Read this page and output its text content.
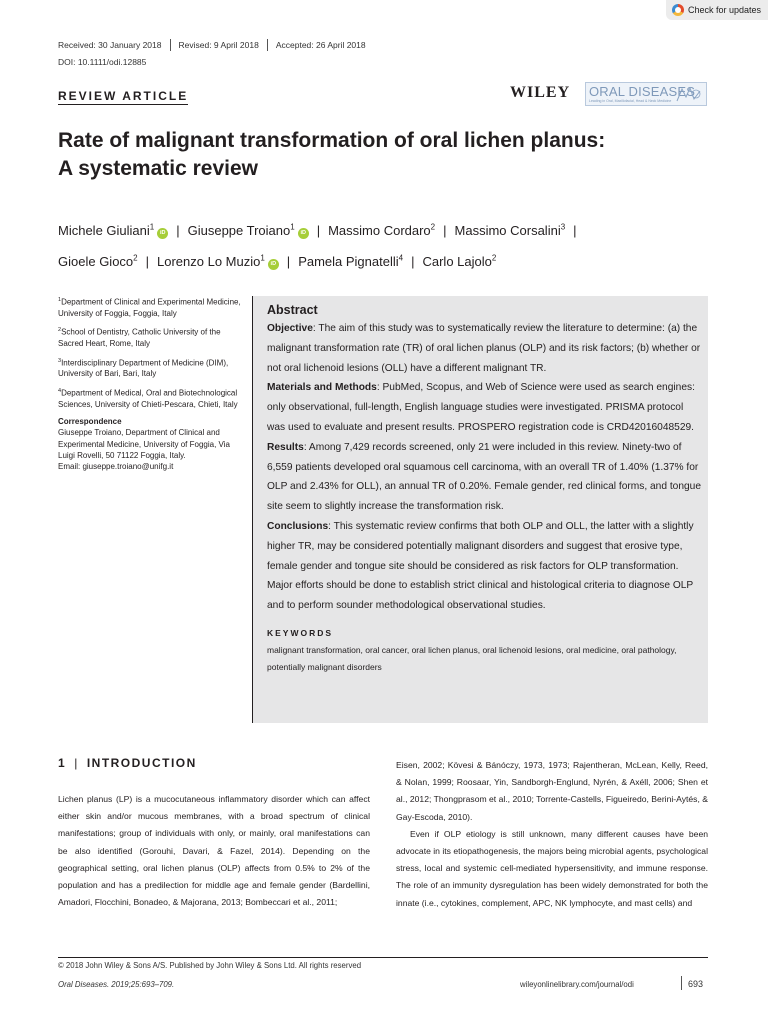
Check for updates
Received: 30 January 2018	Revised: 9 April 2018	Accepted: 26 April 2018
DOI: 10.1111/odi.12885
REVIEW ARTICLE	WILEY ORAL DISEASES
Leading in Oral, Maxillofacial, Head & Neck Medicine
Rate of malignant transformation of oral lichen planus:
A systematic review
Michele Giuliani$^1$iD | Giuseppe Troiano$^1$iD | Massimo Cordaro$^2$ | Massimo Corsalini$^3$ |
Gioele Gioco$^2$ | Lorenzo Lo Muzio$^1$iD | Pamela Pignatelli$^4$ | Carlo Lajolo$^2$

$^1$Department of Clinical and Experimental Medicine, University of Foggia, Foggia, Italy

$^2$School of Dentistry, Catholic University of the Sacred Heart, Rome, Italy

$^3$Interdisciplinary Department of Medicine (DIM), University of Bari, Bari, Italy

$^4$Department of Medical, Oral and Biotechnological Sciences, University of Chieti-Pescara, Chieti, Italy

Correspondence
Giuseppe Troiano, Department of Clinical and Experimental Medicine, University of Foggia, Via Luigi Rovelli, 50 71122 Foggia, Italy.
Email: giuseppe.troiano@unifg.it
Abstract

Objective: The aim of this study was to systematically review the literature to determine: (a) the malignant transformation rate (TR) of oral lichen planus (OLP) and its risk factors; (b) whether or not oral lichenoid lesions (OLL) have a different malignant TR.

Materials and Methods: PubMed, Scopus, and Web of Science were used as search engines: only observational, full-length, English language studies were investigated. PRISMA protocol was used to evaluate and present results. PROSPERO registration code is CRD42016048529.

Results: Among 7,429 records screened, only 21 were included in this review. Ninety-two of 6,559 patients developed oral squamous cell carcinoma, with an overall TR of 1.40% (1.37% for OLP and 2.43% for OLL), an annual TR of 0.20%. Female gender, red clinical forms, and tongue site seem to slightly increase the transformation risk.

Conclusions: This systematic review confirms that both OLP and OLL, the latter with a slightly higher TR, may be considered potentially malignant disorders and suggest that erosive type, female gender and tongue site should be considered as risk factors for OLP transformation. Major efforts should be done to establish strict clinical and histological criteria to diagnose OLP and to perform sounder methodological observational studies.

KEYWORDS
malignant transformation, oral cancer, oral lichen planus, oral lichenoid lesions, oral medicine, oral pathology, potentially malignant disorders
1 | INTRODUCTION

Lichen planus (LP) is a mucocutaneous inflammatory disorder which can affect either skin and/or mucous membranes, with a broad spectrum of clinical manifestations; group of individuals with only, or mainly, oral manifestations can be also identified (Gorouhi, Davari, & Fazel, 2014). Depending on the geographical setting, oral lichen planus (OLP) affects from 0.5% to 2% of the population and has a predilection for middle age and female gender (Bardellini, Amadori, Flocchini, Bonadeo, & Majorana, 2013; Bombeccari et al., 2011;

Eisen, 2002; Kövesi & Bánóczy, 1973, 1973; Rajentheran, McLean, Kelly, Reed, & Nolan, 1999; Roosaar, Yin, Sandborgh-Englund, Nyrén, & Axéll, 2006; Shen et al., 2012; Thongprasom et al., 2010; Torrente-Castells, Figueiredo, Berini-Aytés, & Gay-Escoda, 2010).

Even if OLP etiology is still unknown, many different causes have been advocate in its etiopathogenesis, the majors being microbial agents, psychological stress, local and systemic cell-mediated hypersensitivity, and immune response. The role of an immunity dysregulation has been widely demonstrated for both the innate (i.e., cytokines, complement, APC, NK lymphocyte, and mast cells) and

© 2018 John Wiley & Sons A/S. Published by John Wiley & Sons Ltd. All rights reserved
Oral Diseases. 2019;25:693–709.	wileyonlinelibrary.com/journal/odi	693
